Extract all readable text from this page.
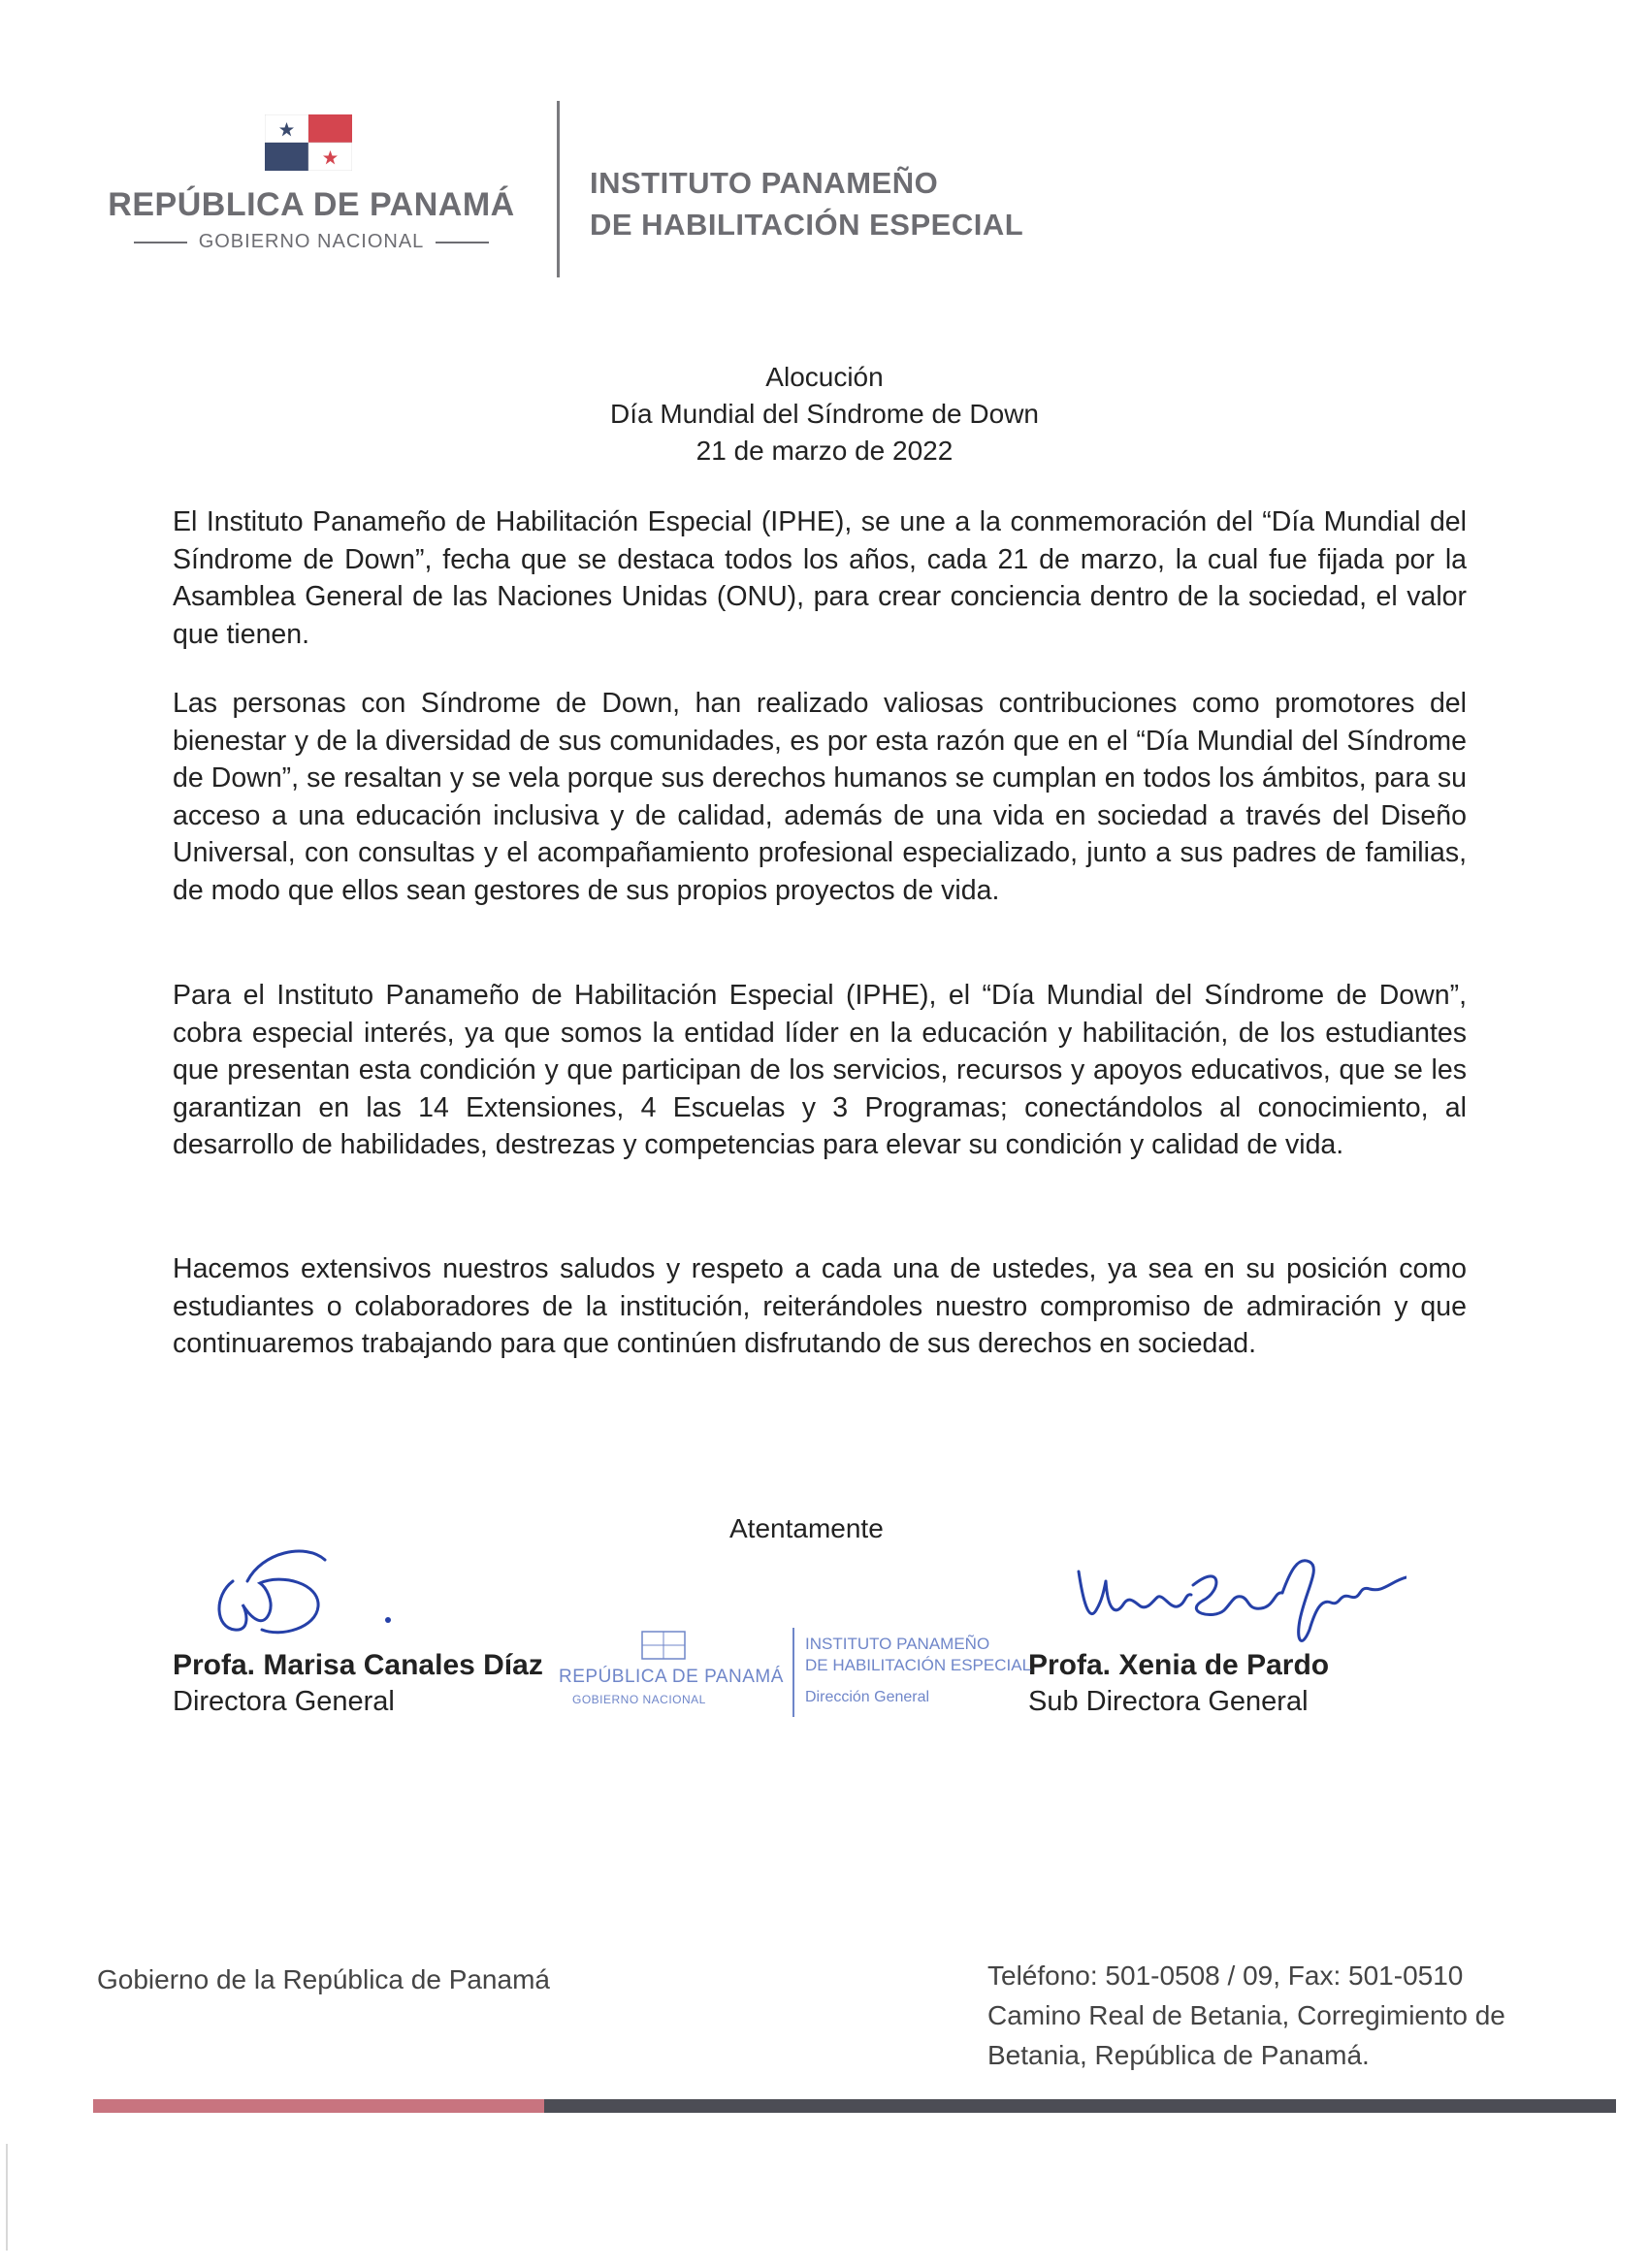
REPÚBLICA DE PANAMÁ
GOBIERNO NACIONAL
INSTITUTO PANAMEÑO
DE HABILITACIÓN ESPECIAL
Alocución
Día Mundial del Síndrome de Down
21 de marzo de 2022
El Instituto Panameño de Habilitación Especial (IPHE), se une a la conmemoración del “Día Mundial del Síndrome de Down”, fecha que se destaca todos los años, cada 21 de marzo, la cual fue fijada por la Asamblea General de las Naciones Unidas (ONU), para crear conciencia dentro de la sociedad, el valor que tienen.
Las personas con Síndrome de Down, han realizado valiosas contribuciones como promotores del bienestar y de la diversidad de sus comunidades, es por esta razón que en el “Día Mundial del Síndrome de Down”, se resaltan y se vela porque sus derechos humanos se cumplan en todos los ámbitos, para su acceso a una educación inclusiva y de calidad, además de una vida en sociedad a través del Diseño Universal, con consultas y el acompañamiento profesional especializado, junto a sus padres de familias, de modo que ellos sean gestores de sus propios proyectos de vida.
Para el Instituto Panameño de Habilitación Especial (IPHE), el “Día Mundial del Síndrome de Down”, cobra especial interés, ya que somos la entidad líder en la educación y habilitación, de los estudiantes que presentan esta condición y que participan de los servicios, recursos y apoyos educativos, que se les garantizan en las 14 Extensiones, 4 Escuelas y 3 Programas; conectándolos al conocimiento, al desarrollo de habilidades, destrezas y competencias para elevar su condición y calidad de vida.
Hacemos extensivos nuestros saludos y respeto a cada una de ustedes, ya sea en su posición como estudiantes o colaboradores de la institución, reiterándoles nuestro compromiso de admiración y que continuaremos trabajando para que continúen disfrutando de sus derechos en sociedad.
Atentamente
Profa. Marisa Canales Díaz
Directora General
Profa. Xenia de Pardo
Sub Directora General
REPÚBLICA DE PANAMÁ
GOBIERNO NACIONAL
INSTITUTO PANAMEÑO
DE HABILITACIÓN ESPECIAL
Dirección General
Gobierno de la República de Panamá	Teléfono: 501-0508 / 09, Fax: 501-0510
Camino Real de Betania, Corregimiento de
Betania, República de Panamá.
